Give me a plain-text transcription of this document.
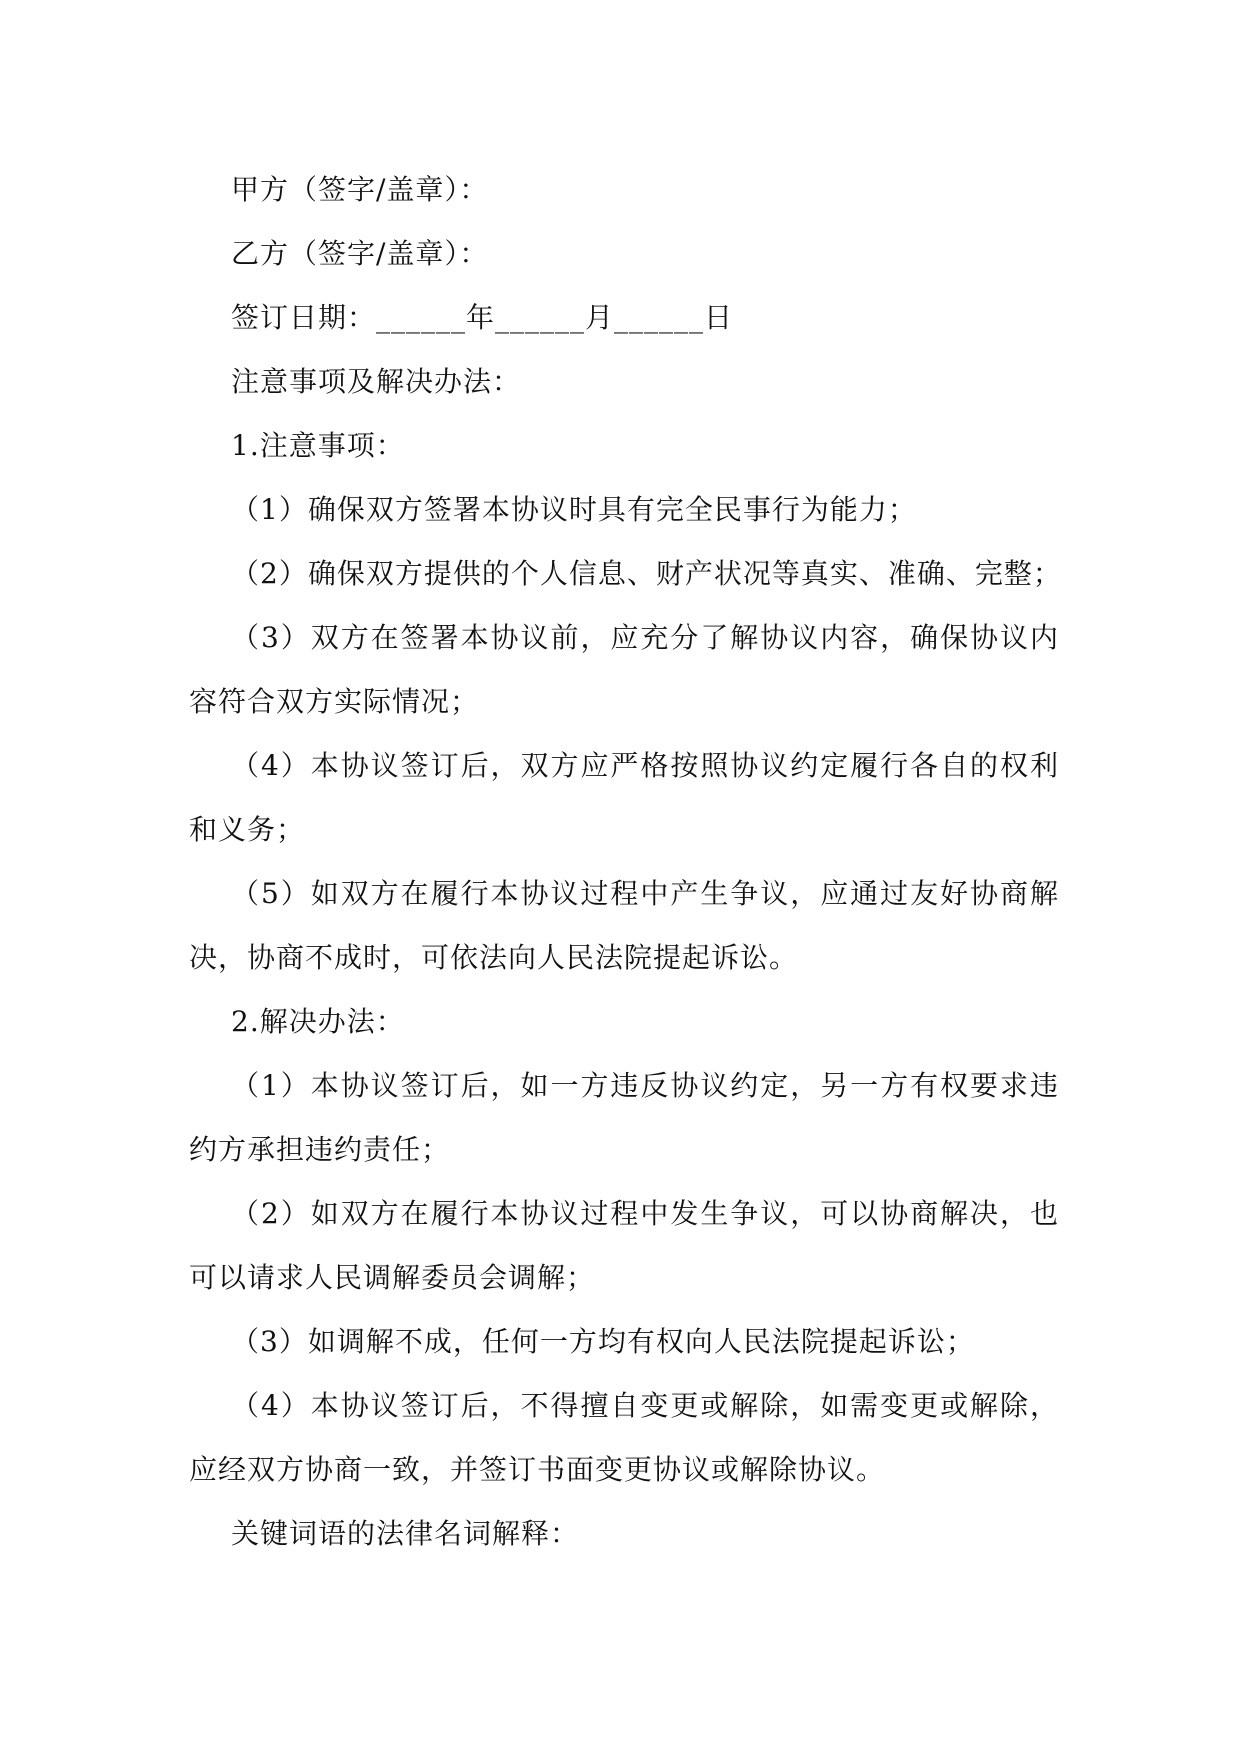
甲方（签字/盖章）：
乙方（签字/盖章）：
签订日期：______年______月______日
注意事项及解决办法：
1.注意事项：
（1）确保双方签署本协议时具有完全民事行为能力；
（2）确保双方提供的个人信息、财产状况等真实、准确、完整；

（3）双方在签署本协议前，应充分了解协议内容，确保协议内容符合双方实际情况；

（4）本协议签订后，双方应严格按照协议约定履行各自的权利和义务；

（5）如双方在履行本协议过程中产生争议，应通过友好协商解决，协商不成时，可依法向人民法院提起诉讼。

2.解决办法：

（1）本协议签订后，如一方违反协议约定，另一方有权要求违约方承担违约责任；

（2）如双方在履行本协议过程中发生争议，可以协商解决，也可以请求人民调解委员会调解；

（3）如调解不成，任何一方均有权向人民法院提起诉讼；

（4）本协议签订后，不得擅自变更或解除，如需变更或解除，应经双方协商一致，并签订书面变更协议或解除协议。

关键词语的法律名词解释：
